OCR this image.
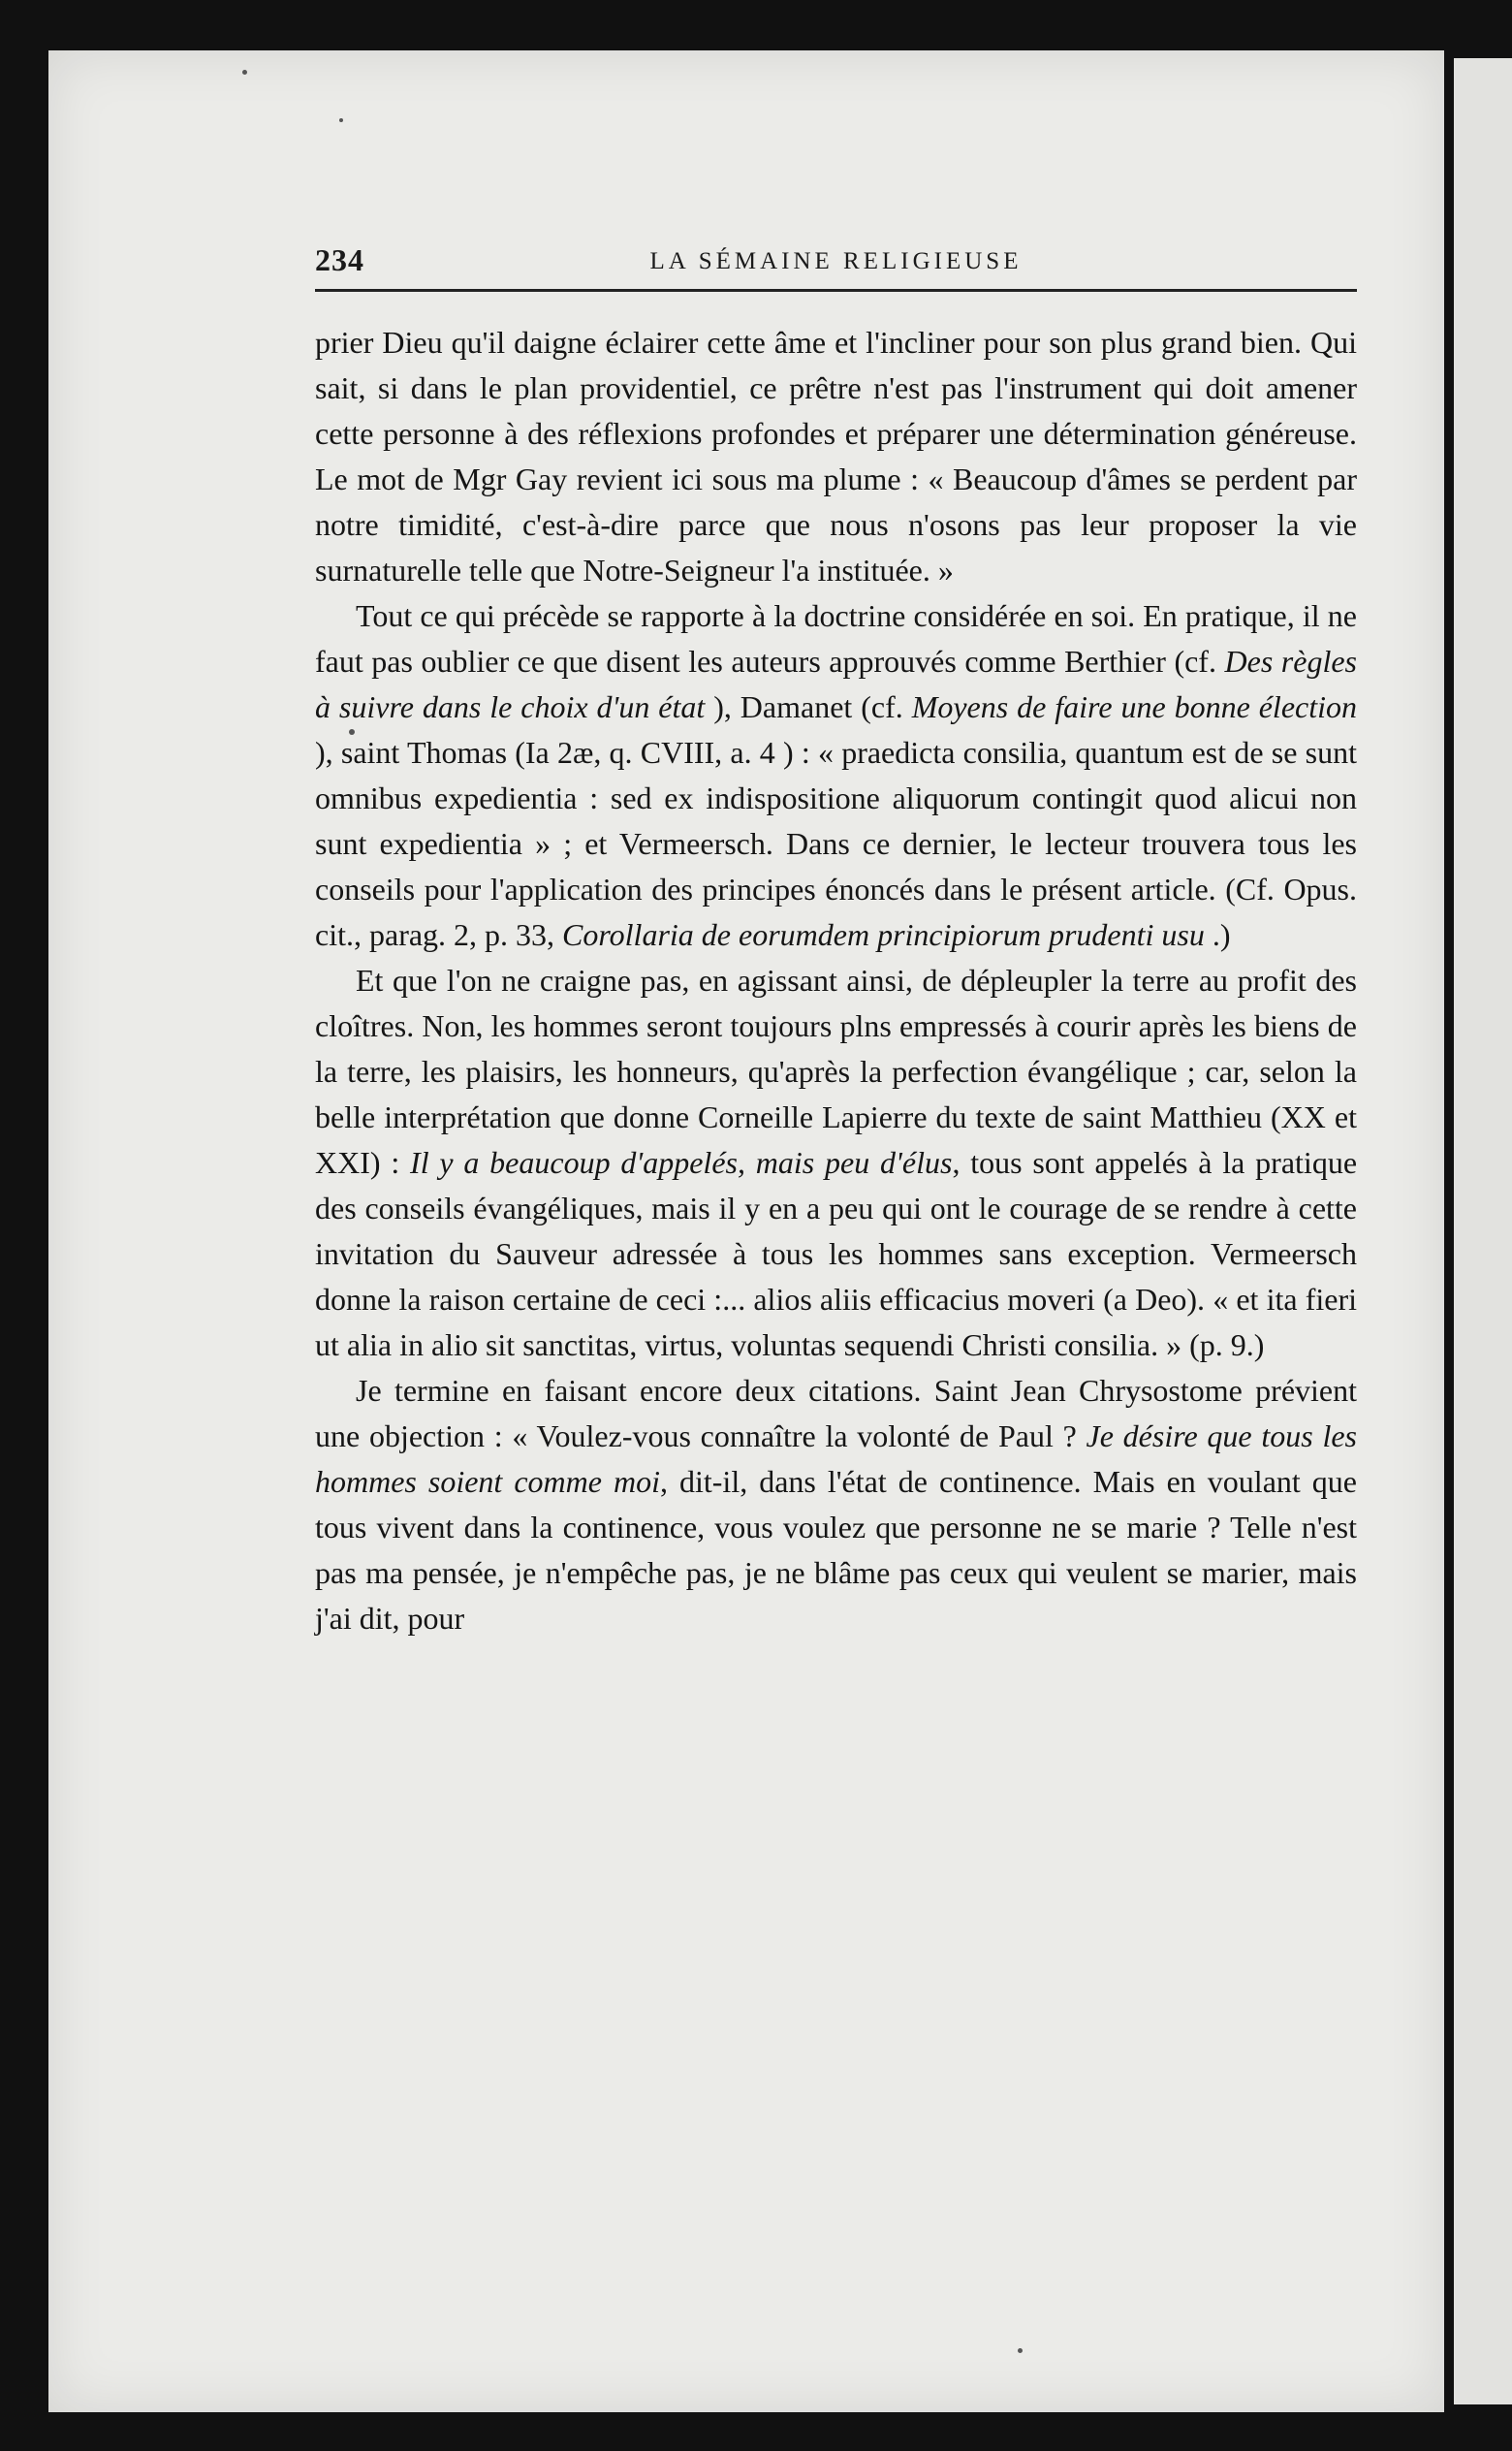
234	LA SÉMAINE RELIGIEUSE

prier Dieu qu'il daigne éclairer cette âme et l'incliner pour son plus grand bien. Qui sait, si dans le plan providentiel, ce prêtre n'est pas l'instrument qui doit amener cette personne à des réflexions profondes et préparer une détermination généreuse. Le mot de Mgr Gay revient ici sous ma plume : « Beaucoup d'âmes se perdent par notre timidité, c'est-à-dire parce que nous n'osons pas leur proposer la vie surnaturelle telle que Notre-Seigneur l'a instituée. »

Tout ce qui précède se rapporte à la doctrine considérée en soi. En pratique, il ne faut pas oublier ce que disent les auteurs approuvés comme Berthier (cf. Des règles à suivre dans le choix d'un état ), Damanet (cf. Moyens de faire une bonne élection ), saint Thomas (Ia 2æ, q. CVIII, a. 4 ) : « praedicta consilia, quantum est de se sunt omnibus expedientia : sed ex indispositione aliquorum contingit quod alicui non sunt expedientia » ; et Vermeersch. Dans ce dernier, le lecteur trouvera tous les conseils pour l'application des principes énoncés dans le présent article. (Cf. Opus. cit., parag. 2, p. 33, Corollaria de eorumdem principiorum prudenti usu .)

Et que l'on ne craigne pas, en agissant ainsi, de dépleupler la terre au profit des cloîtres. Non, les hommes seront toujours plns empressés à courir après les biens de la terre, les plaisirs, les honneurs, qu'après la perfection évangélique ; car, selon la belle interprétation que donne Corneille Lapierre du texte de saint Matthieu (XX et XXI) : Il y a beaucoup d'appelés, mais peu d'élus, tous sont appelés à la pratique des conseils évangéliques, mais il y en a peu qui ont le courage de se rendre à cette invitation du Sauveur adressée à tous les hommes sans exception. Vermeersch donne la raison certaine de ceci :... alios aliis efficacius moveri (a Deo). « et ita fieri ut alia in alio sit sanctitas, virtus, voluntas sequendi Christi consilia. » (p. 9.)

Je termine en faisant encore deux citations. Saint Jean Chrysostome prévient une objection : « Voulez-vous connaître la volonté de Paul ? Je désire que tous les hommes soient comme moi, dit-il, dans l'état de continence. Mais en voulant que tous vivent dans la continence, vous voulez que personne ne se marie ? Telle n'est pas ma pensée, je n'empêche pas, je ne blâme pas ceux qui veulent se marier, mais j'ai dit, pour
